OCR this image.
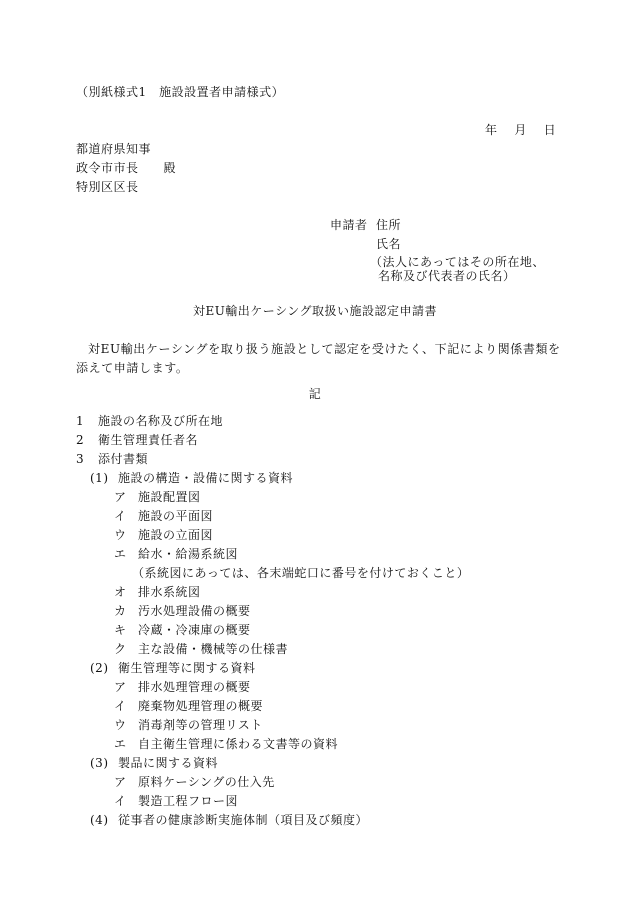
（別紙様式1　施設設置者申請様式）
年　 月　 日
都道府県知事
政令市市長　　殿
特別区区長
申請者 住所
氏名
（法人にあってはその所在地、
名称及び代表者の氏名）
対EU輸出ケーシング取扱い施設認定申請書
対EU輸出ケーシングを取り扱う施設として認定を受けたく、下記により関係書類を添えて申請します。
記
1 施設の名称及び所在地
2 衛生管理責任者名
3 添付書類
(1) 施設の構造・設備に関する資料
ア 施設配置図
イ 施設の平面図
ウ 施設の立面図
エ 給水・給湯系統図
（系統図にあっては、各末端蛇口に番号を付けておくこと）
オ 排水系統図
カ 汚水処理設備の概要
キ 冷蔵・冷凍庫の概要
ク 主な設備・機械等の仕様書
(2) 衛生管理等に関する資料
ア 排水処理管理の概要
イ 廃棄物処理管理の概要
ウ 消毒剤等の管理リスト
エ 自主衛生管理に係わる文書等の資料
(3) 製品に関する資料
ア 原料ケーシングの仕入先
イ 製造工程フロー図
(4) 従事者の健康診断実施体制（項目及び頻度）
